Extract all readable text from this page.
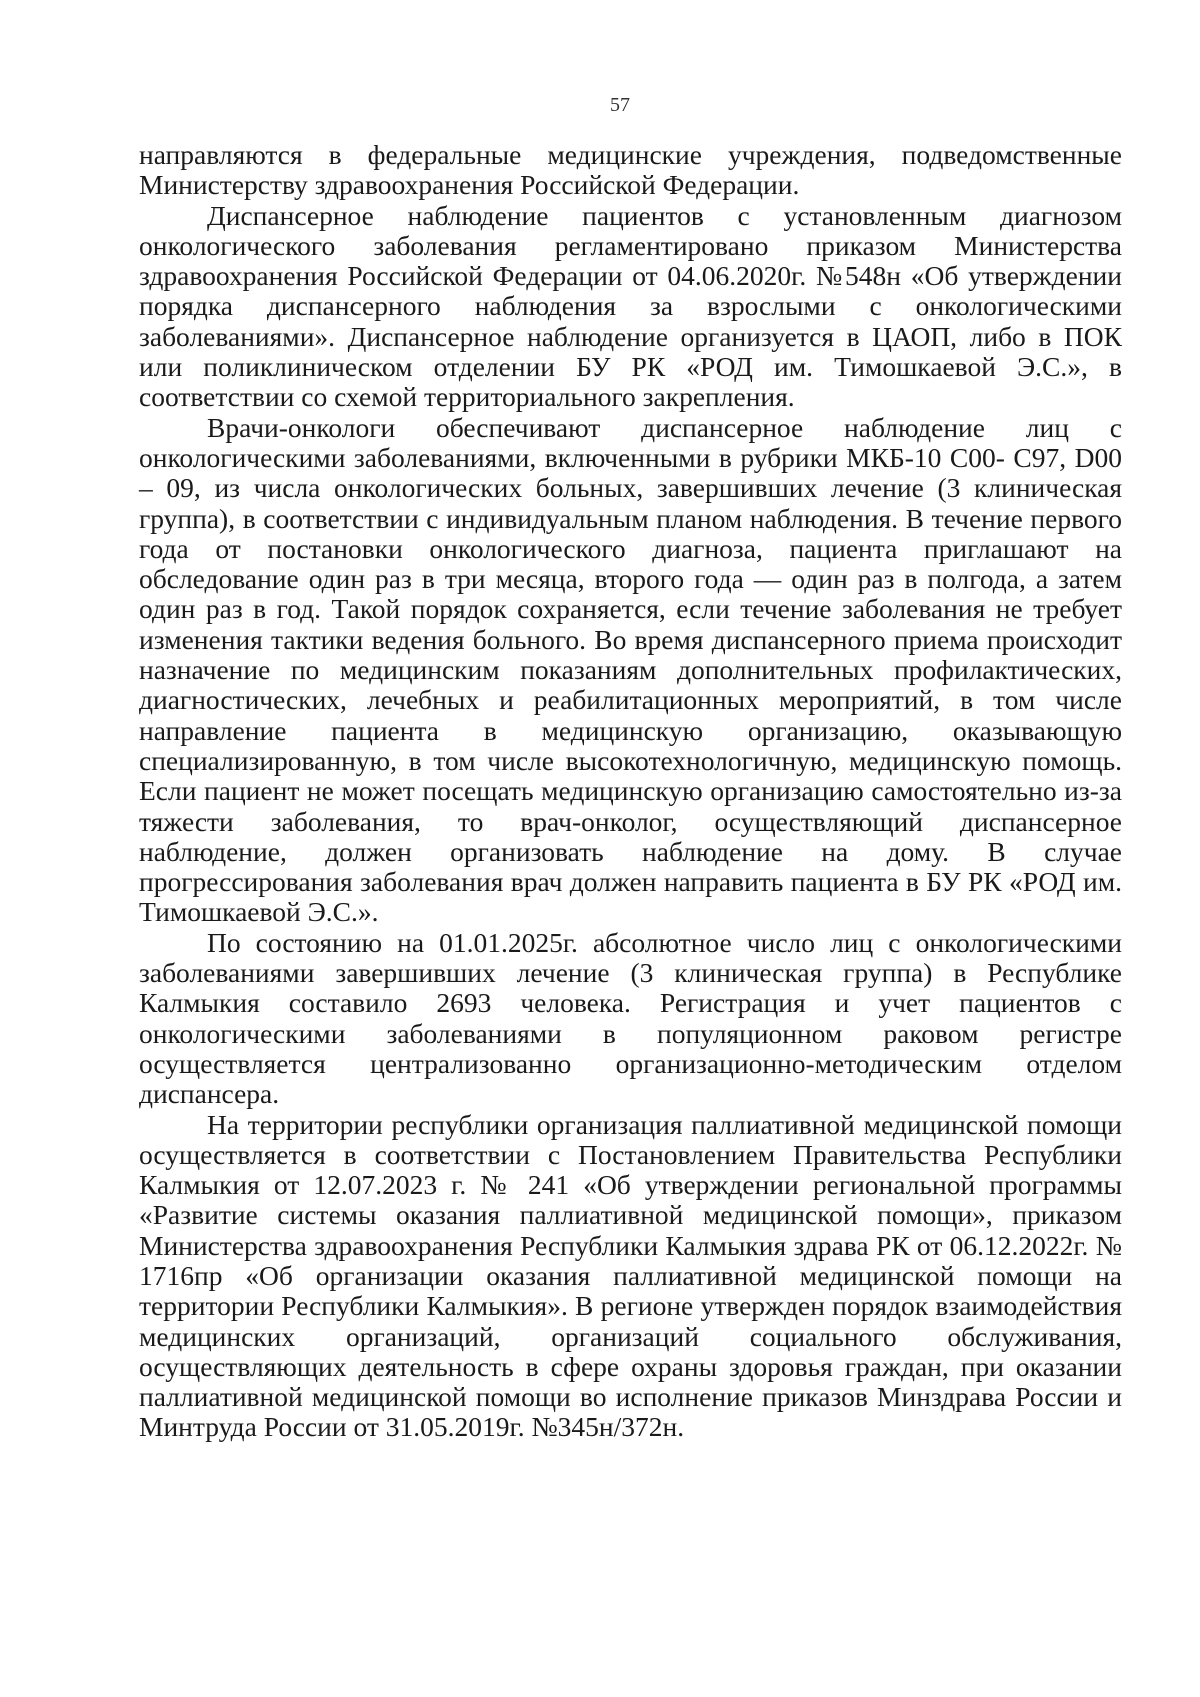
57

направляются в федеральные медицинские учреждения, подведомственные Министерству здравоохранения Российской Федерации.

Диспансерное наблюдение пациентов с установленным диагнозом онкологического заболевания регламентировано приказом Министерства здравоохранения Российской Федерации от 04.06.2020г. №548н «Об утверждении порядка диспансерного наблюдения за взрослыми с онкологическими заболеваниями». Диспансерное наблюдение организуется в ЦАОП, либо в ПОК или поликлиническом отделении БУ РК «РОД им. Тимошкаевой Э.С.», в соответствии со схемой территориального закрепления.

Врачи-онкологи обеспечивают диспансерное наблюдение лиц с онкологическими заболеваниями, включенными в рубрики МКБ-10 С00- С97, D00 – 09, из числа онкологических больных, завершивших лечение (3 клиническая группа), в соответствии с индивидуальным планом наблюдения. В течение первого года от постановки онкологического диагноза, пациента приглашают на обследование один раз в три месяца, второго года — один раз в полгода, а затем один раз в год. Такой порядок сохраняется, если течение заболевания не требует изменения тактики ведения больного. Во время диспансерного приема происходит назначение по медицинским показаниям дополнительных профилактических, диагностических, лечебных и реабилитационных мероприятий, в том числе направление пациента в медицинскую организацию, оказывающую специализированную, в том числе высокотехнологичную, медицинскую помощь. Если пациент не может посещать медицинскую организацию самостоятельно из-за тяжести заболевания, то врач-онколог, осуществляющий диспансерное наблюдение, должен организовать наблюдение на дому. В случае прогрессирования заболевания врач должен направить пациента в БУ РК «РОД им. Тимошкаевой Э.С.».

По состоянию на 01.01.2025г. абсолютное число лиц с онкологическими заболеваниями завершивших лечение (3 клиническая группа) в Республике Калмыкия составило 2693 человека. Регистрация и учет пациентов с онкологическими заболеваниями в популяционном раковом регистре осуществляется централизованно организационно-методическим отделом диспансера.

На территории республики организация паллиативной медицинской помощи осуществляется в соответствии с Постановлением Правительства Республики Калмыкия от 12.07.2023 г. № 241 «Об утверждении региональной программы «Развитие системы оказания паллиативной медицинской помощи», приказом Министерства здравоохранения Республики Калмыкия здрава РК от 06.12.2022г. № 1716пр «Об организации оказания паллиативной медицинской помощи на территории Республики Калмыкия». В регионе утвержден порядок взаимодействия медицинских организаций, организаций социального обслуживания, осуществляющих деятельность в сфере охраны здоровья граждан, при оказании паллиативной медицинской помощи во исполнение приказов Минздрава России и Минтруда России от 31.05.2019г. №345н/372н.
